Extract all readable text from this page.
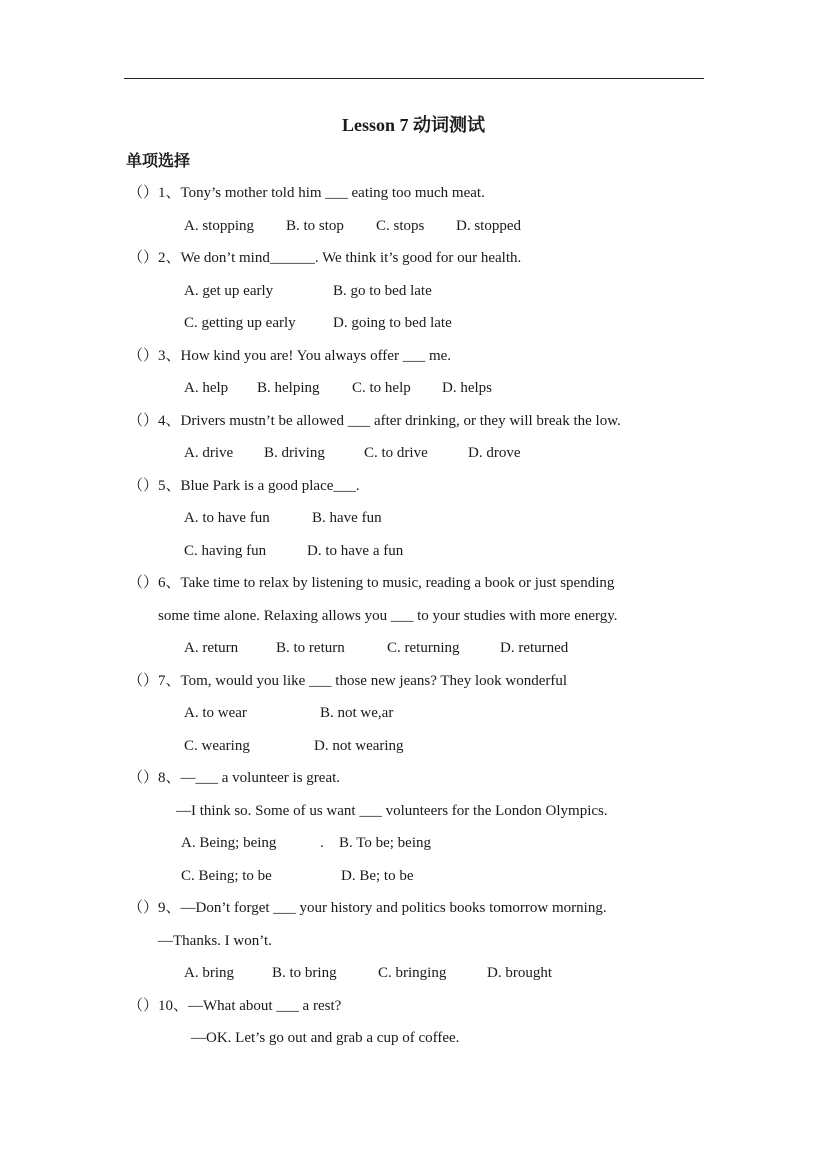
Lesson 7 动词测试
单项选择
（）1、Tony’s mother told him ___ eating too much meat.
A. stopping B. to stop C. stops D. stopped
（）2、We don’t mind______. We think it’s good for our health.
A. get up early	B. go to bed late
C. getting up early D. going to bed late
（）3、How kind you are! You always offer ___ me.
A. help B. helping C. to help D. helps
（）4、Drivers mustn’t be allowed ___ after drinking, or they will break the low.
A. drive B. driving	C. to drive	D. drove
（）5、Blue Park is a good place___.
A. to have fun	B. have fun
C. having fun	D. to have a fun
（）6、Take time to relax by listening to music, reading a book or just spending
some time alone. Relaxing allows you ___ to your studies with more energy.
A. return	B. to return	C. returning	D. returned
（）7、Tom, would you like ___ those new jeans? They look wonderful
A. to wear	B. not we,ar
C. wearing	D. not wearing
（）8、—___ a volunteer is great.
—I think so. Some of us want ___ volunteers for the London Olympics.
A. Being; being	. B. To be; being
C. Being; to be	D. Be; to be
（）9、—Don’t forget ___ your history and politics books tomorrow morning.
—Thanks. I won’t.
A. bring	B. to bring	C. bringing	D. brought
（）10、—What about ___ a rest?
—OK. Let’s go out and grab a cup of coffee.
